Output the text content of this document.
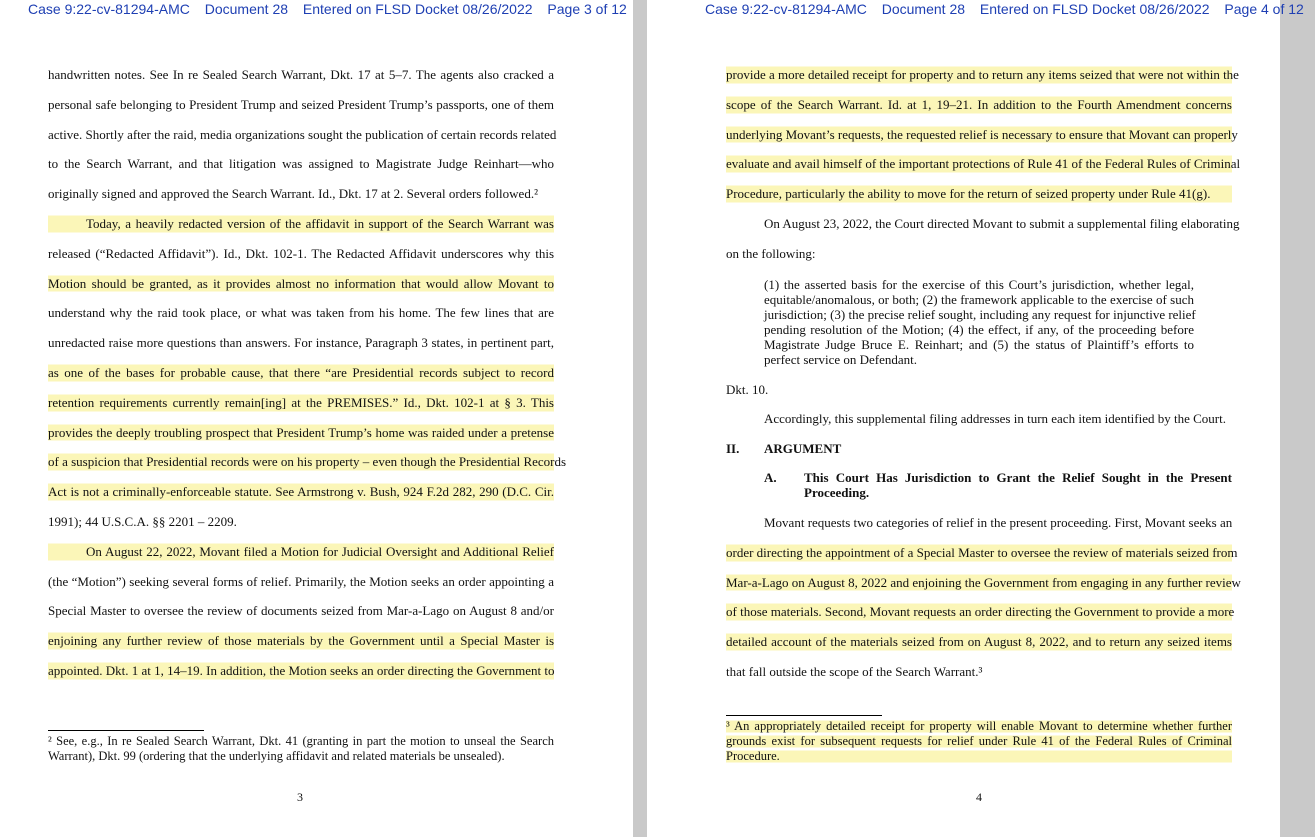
Case 9:22-cv-81294-AMC Document 28 Entered on FLSD Docket 08/26/2022 Page 3 of 12
handwritten notes. See In re Sealed Search Warrant, Dkt. 17 at 5–7. The agents also cracked a
personal safe belonging to President Trump and seized President Trump’s passports, one of them
active. Shortly after the raid, media organizations sought the publication of certain records related
to the Search Warrant, and that litigation was assigned to Magistrate Judge Reinhart—who
originally signed and approved the Search Warrant. Id., Dkt. 17 at 2. Several orders followed.²
Today, a heavily redacted version of the affidavit in support of the Search Warrant was
released (“Redacted Affidavit”). Id., Dkt. 102-1. The Redacted Affidavit underscores why this
Motion should be granted, as it provides almost no information that would allow Movant to
understand why the raid took place, or what was taken from his home. The few lines that are
unredacted raise more questions than answers. For instance, Paragraph 3 states, in pertinent part,
as one of the bases for probable cause, that there “are Presidential records subject to record
retention requirements currently remain[ing] at the PREMISES.” Id., Dkt. 102-1 at § 3. This
provides the deeply troubling prospect that President Trump’s home was raided under a pretense
of a suspicion that Presidential records were on his property – even though the Presidential Records
Act is not a criminally-enforceable statute. See Armstrong v. Bush, 924 F.2d 282, 290 (D.C. Cir.
1991); 44 U.S.C.A. §§ 2201 – 2209.
On August 22, 2022, Movant filed a Motion for Judicial Oversight and Additional Relief
(the “Motion”) seeking several forms of relief. Primarily, the Motion seeks an order appointing a
Special Master to oversee the review of documents seized from Mar-a-Lago on August 8 and/or
enjoining any further review of those materials by the Government until a Special Master is
appointed. Dkt. 1 at 1, 14–19. In addition, the Motion seeks an order directing the Government to
² See, e.g., In re Sealed Search Warrant, Dkt. 41 (granting in part the motion to unseal the Search
Warrant), Dkt. 99 (ordering that the underlying affidavit and related materials be unsealed).
3
Case 9:22-cv-81294-AMC Document 28 Entered on FLSD Docket 08/26/2022 Page 4 of 12
provide a more detailed receipt for property and to return any items seized that were not within the
scope of the Search Warrant. Id. at 1, 19–21. In addition to the Fourth Amendment concerns
underlying Movant’s requests, the requested relief is necessary to ensure that Movant can properly
evaluate and avail himself of the important protections of Rule 41 of the Federal Rules of Criminal
Procedure, particularly the ability to move for the return of seized property under Rule 41(g).
On August 23, 2022, the Court directed Movant to submit a supplemental filing elaborating
on the following:
(1) the asserted basis for the exercise of this Court’s jurisdiction, whether legal,
equitable/anomalous, or both; (2) the framework applicable to the exercise of such
jurisdiction; (3) the precise relief sought, including any request for injunctive relief
pending resolution of the Motion; (4) the effect, if any, of the proceeding before
Magistrate Judge Bruce E. Reinhart; and (5) the status of Plaintiff’s efforts to
perfect service on Defendant.
Dkt. 10.
Accordingly, this supplemental filing addresses in turn each item identified by the Court.
II. ARGUMENT
A.	This Court Has Jurisdiction to Grant the Relief Sought in the Present
Proceeding.
Movant requests two categories of relief in the present proceeding. First, Movant seeks an
order directing the appointment of a Special Master to oversee the review of materials seized from
Mar-a-Lago on August 8, 2022 and enjoining the Government from engaging in any further review
of those materials. Second, Movant requests an order directing the Government to provide a more
detailed account of the materials seized from on August 8, 2022, and to return any seized items
that fall outside the scope of the Search Warrant.³
³ An appropriately detailed receipt for property will enable Movant to determine whether further
grounds exist for subsequent requests for relief under Rule 41 of the Federal Rules of Criminal
Procedure.
4
